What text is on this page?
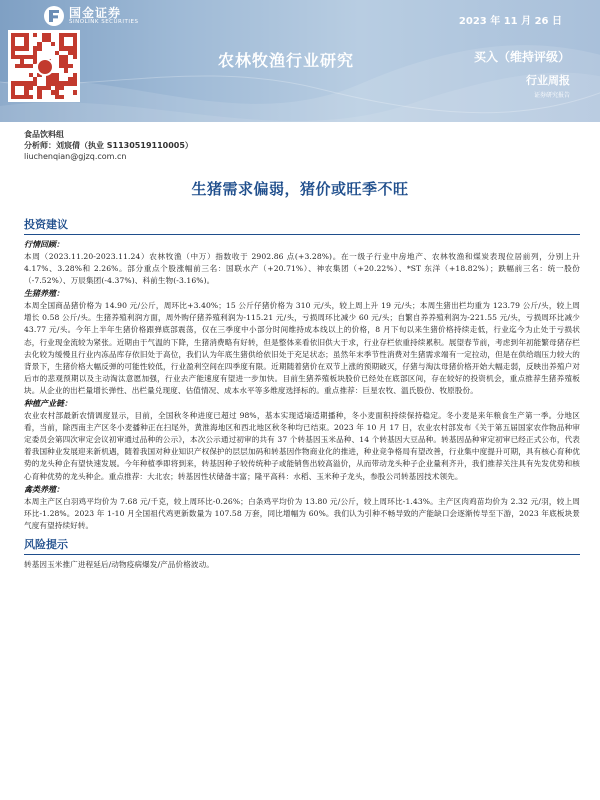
国金证券
SINOLINK SECURITIES	2023 年 11 月 26 日
农林牧渔行业研究	买入（维持评级）
行业周报
证券研究报告
食品饮料组
分析师：刘宸倩（执业 S1130519110005）
liuchenqian@gjzq.com.cn
生猪需求偏弱，猪价或旺季不旺
投资建议
行情回顾：
本周（2023.11.20-2023.11.24）农林牧渔（中万）指数收于 2902.86 点(+3.28%)。在一级子行业中房地产、农林牧渔和煤炭表现位居前列，分别上升 4.17%、3.28%和 2.26%。部分重点个股涨幅前三名：国联水产（+20.71%）、神农集团（+20.22%）、*ST 东洋（+18.82%）；跌幅前三名：统一股份（-7.52%）、万辰集团(-4.37%)、科前生物(-3.16%)。
生猪养殖：
本周全国商品猪价格为 14.90 元/公斤，周环比+3.40%；15 公斤仔猪价格为 310 元/头，较上周上升 19 元/头；本周生猪出栏均重为 123.79 公斤/头，较上周增长 0.58 公斤/头。生猪养殖利润方面，周外购仔猪养殖利润为-115.21 元/头，亏损周环比减少 60 元/头；自繁自养养殖利润为-221.55 元/头，亏损周环比减少 43.77 元/头。今年上半年生猪价格跟弹底部震荡，仅在三季度中小部分时间维持成本线以上的价格，8 月下旬以来生猪价格持续走低，行业迄今为止处于亏损状态，行业现金流较为紧张。近期由于气温的下降，生猪消费略有好转，但是整体来看依旧供大于求，行业存栏依重持续累积。展望春节前，考虑到年初能繁母猪存栏去化较为缓慢且行业内冻品库存依旧处于高位，我们认为年底生猪供给依旧处于充足状态；虽然年末季节性消费对生猪需求端有一定拉动，但是在供给端压力较大的背景下，生猪价格大幅反弹的可能性较低，行业盈利空间在四季度有限。近期随着猪价在双节上涨的预期破灭，仔猪与淘汰母猪价格开始大幅走弱，反映出养殖户对后市的悲观预期以及主动淘汰意愿加强，行业去产能速度有望进一步加快。目前生猪养殖板块股价已经处在底部区间，存在较好的投资机会，重点推荐生猪养殖板块。从企业的出栏量增长弹性、出栏量兑现度、估值情况、成本水平等多维度选择标的。重点推荐：巨星农牧、温氏股份、牧原股份。
种植产业链：
农业农村部最新农情调度显示，目前，全国秋冬种进度已超过 98%，基本实现适墒适期播种，冬小麦面积持续保持稳定。冬小麦是来年粮食生产第一季。分地区看，当前，除西南主产区冬小麦播种正在扫尾外，黄淮海地区和西北地区秋冬种均已结束。2023 年 10 月 17 日，农业农村部发布《关于第五届国家农作物品种审定委员会第四次审定会议初审通过品种的公示》，本次公示通过初审的共有 37 个转基因玉米品种、14 个转基因大豆品种。转基因品种审定初审已经正式公布，代表着我国种业发展迎来新机遇，随着我国对种业知识产权保护的层层加码和转基因作物商业化的推进，种业竞争格局有望改善，行业集中度提升可期，具有核心育种优势的龙头种企有望快速发展。今年种植季即将到来，转基因种子较传统种子或能销售出较高溢价，从而带动龙头种子企业量利齐升，我们推荐关注具有先发优势和核心育种优势的龙头种企。重点推荐：大北农；转基因性状储备丰富；隆平高科：水稻、玉米种子龙头，参股公司转基因技术领先。
禽类养殖：
本周主产区白羽鸡平均价为 7.68 元/千克，较上周环比-0.26%；白条鸡平均价为 13.80 元/公斤，较上周环比-1.43%。主产区肉鸡苗均价为 2.32 元/羽，较上周环比-1.28%。2023 年 1-10 月全国祖代鸡更新数量为 107.58 万套，同比增幅为 60%。我们认为引种不畅导致的产能缺口会逐渐传导至下游，2023 年底板块景气度有望持续好转。
风险提示
转基因玉米推广进程延后/动物疫病爆发/产品价格波动。
